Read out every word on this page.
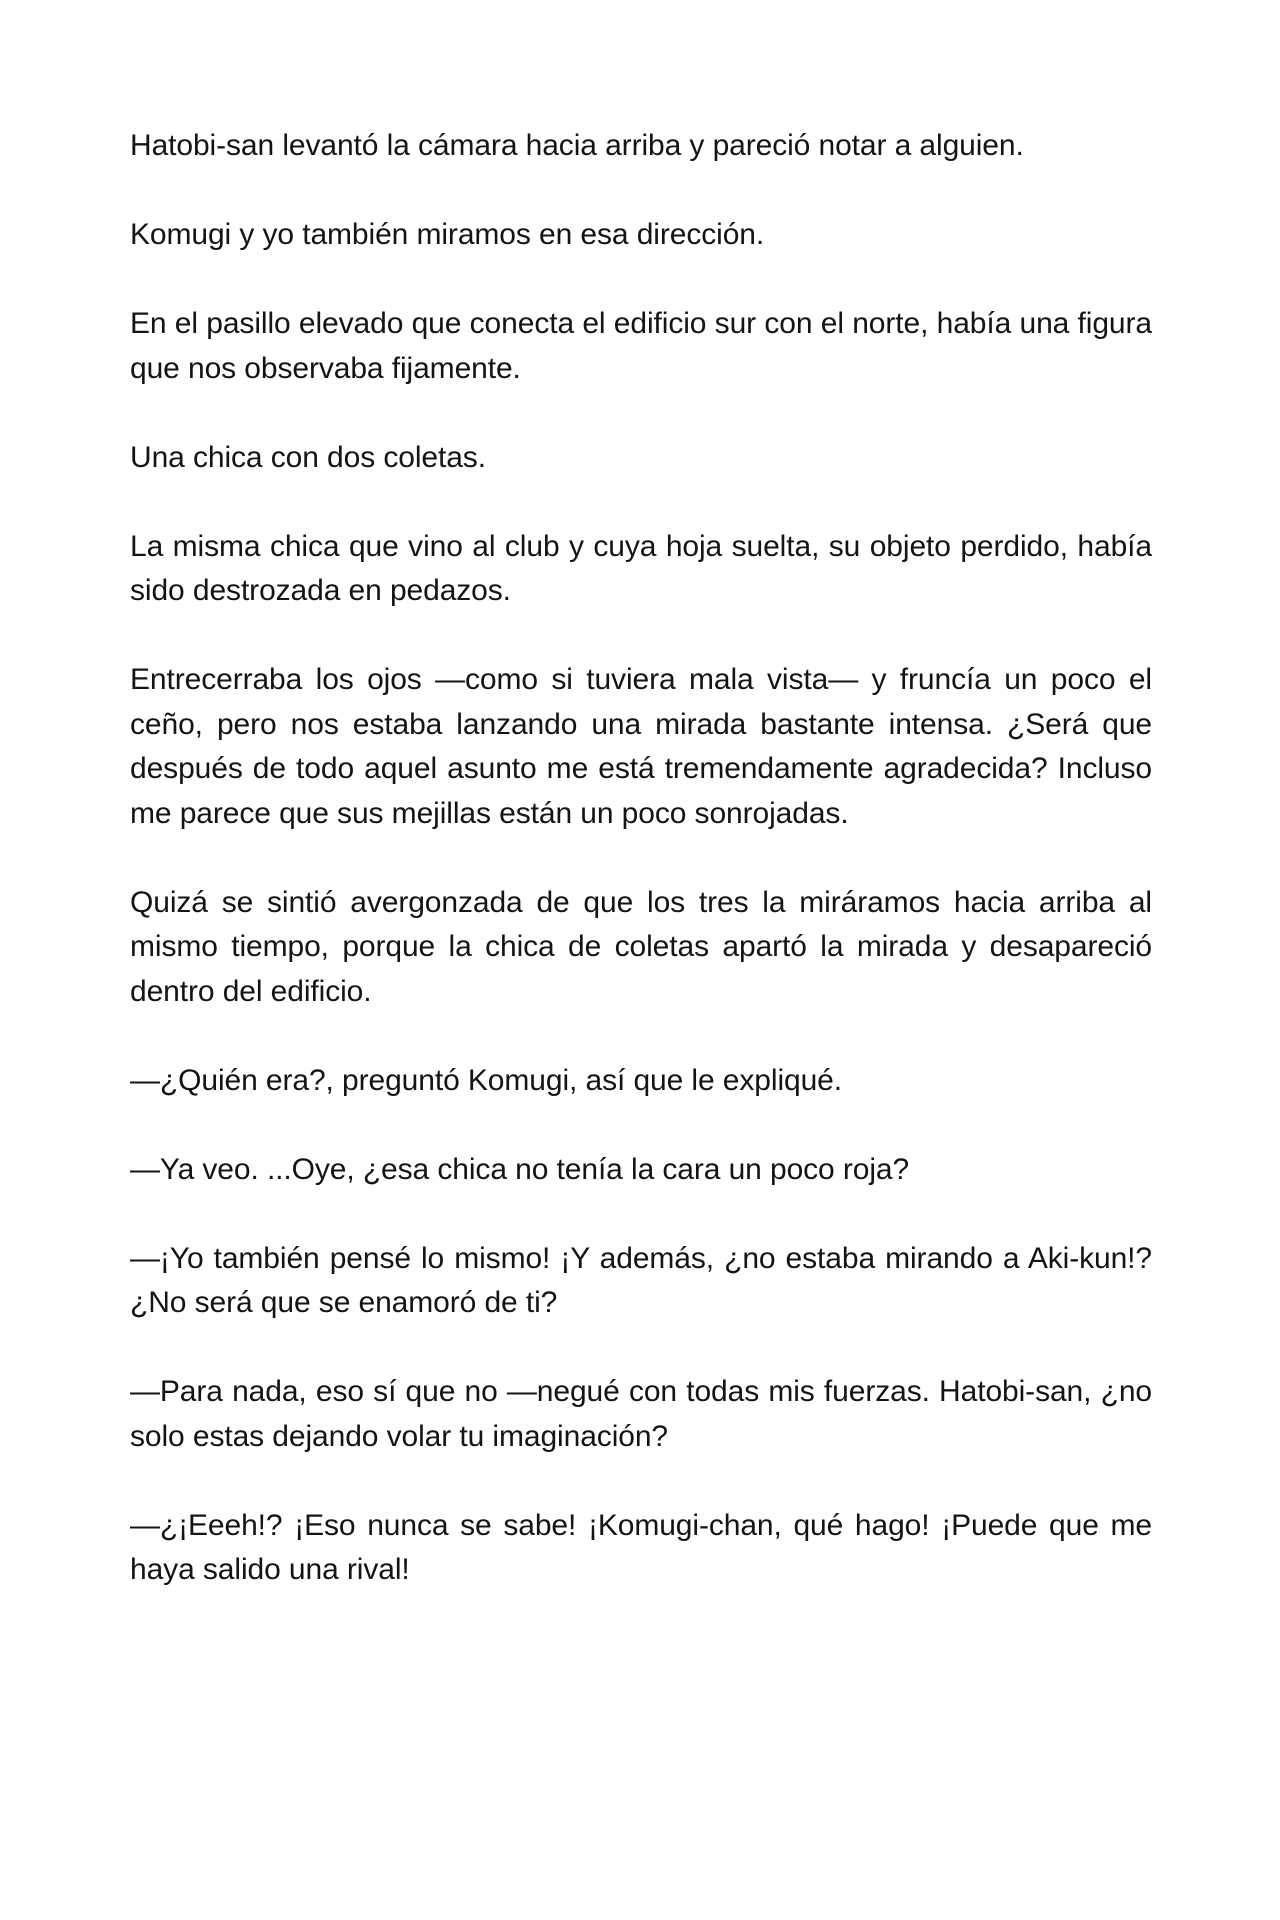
Hatobi-san levantó la cámara hacia arriba y pareció notar a alguien.

Komugi y yo también miramos en esa dirección.

En el pasillo elevado que conecta el edificio sur con el norte, había una figura que nos observaba fijamente.

Una chica con dos coletas.

La misma chica que vino al club y cuya hoja suelta, su objeto perdido, había sido destrozada en pedazos.

Entrecerraba los ojos —como si tuviera mala vista— y fruncía un poco el ceño, pero nos estaba lanzando una mirada bastante intensa. ¿Será que después de todo aquel asunto me está tremendamente agradecida? Incluso me parece que sus mejillas están un poco sonrojadas.

Quizá se sintió avergonzada de que los tres la miráramos hacia arriba al mismo tiempo, porque la chica de coletas apartó la mirada y desapareció dentro del edificio.

—¿Quién era?, preguntó Komugi, así que le expliqué.

—Ya veo. ...Oye, ¿esa chica no tenía la cara un poco roja?

—¡Yo también pensé lo mismo! ¡Y además, ¿no estaba mirando a Aki-kun!? ¿No será que se enamoró de ti?

—Para nada, eso sí que no —negué con todas mis fuerzas. Hatobi-san, ¿no solo estas dejando volar tu imaginación?

—¿¡Eeeh!? ¡Eso nunca se sabe! ¡Komugi-chan, qué hago! ¡Puede que me haya salido una rival!
